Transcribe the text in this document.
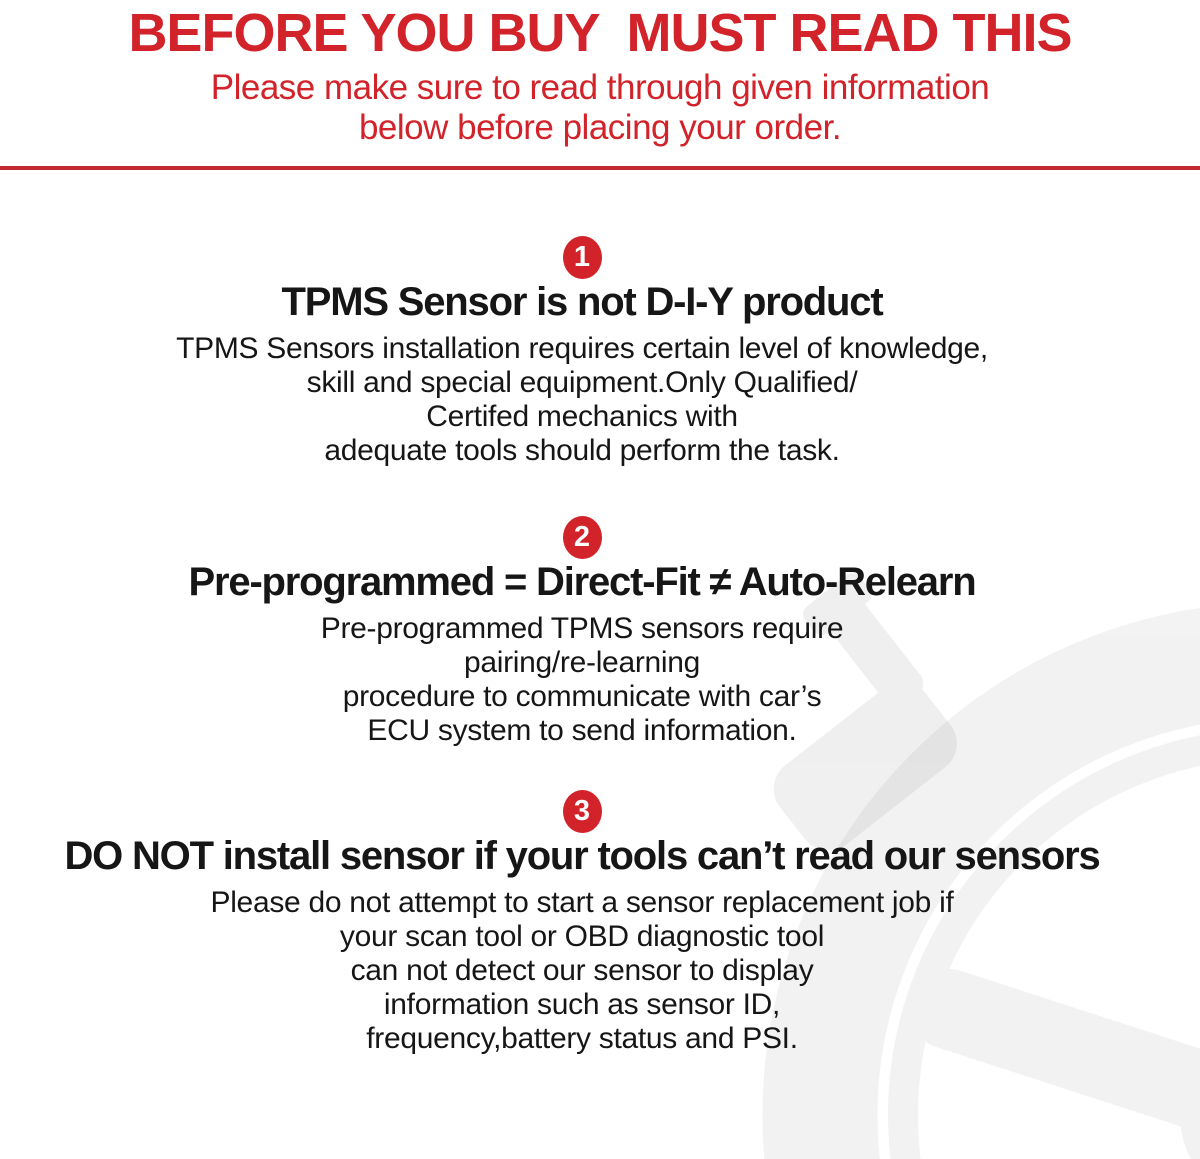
BEFORE YOU BUY  MUST READ THIS
Please make sure to read through given information
below before placing your order.
1
TPMS Sensor is not D-I-Y product
TPMS Sensors installation requires certain level of knowledge,
skill and special equipment.Only Qualified/
Certifed mechanics with
adequate tools should perform the task.
2
Pre-programmed = Direct-Fit ≠ Auto-Relearn
Pre-programmed TPMS sensors require
pairing/re-learning
procedure to communicate with car’s
ECU system to send information.
3
DO NOT install sensor if your tools can’t read our sensors
Please do not attempt to start a sensor replacement job if
your scan tool or OBD diagnostic tool
can not detect our sensor to display
information such as sensor ID,
frequency,battery status and PSI.
